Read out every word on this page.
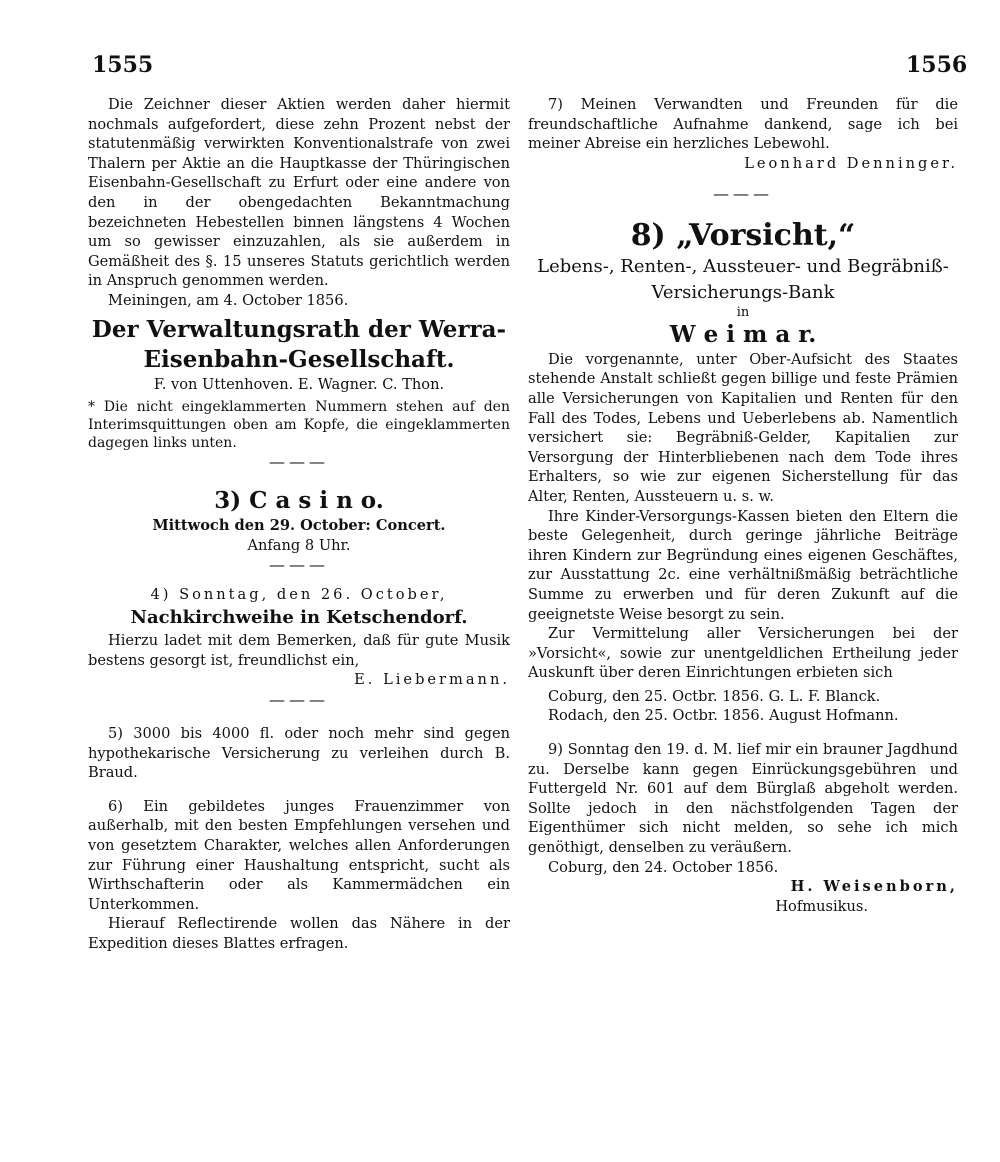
1555	1556

Die Zeichner dieser Aktien werden daher hiermit nochmals aufgefordert, diese zehn Prozent nebst der statutenmäßig verwirkten Konventionalstrafe von zwei Thalern per Aktie an die Hauptkasse der Thüringischen Eisenbahn-Gesellschaft zu Erfurt oder eine andere von den in der obengedachten Bekanntmachung bezeichneten Hebestellen binnen längstens 4 Wochen um so gewisser einzuzahlen, als sie außerdem in Gemäßheit des §. 15 unseres Statuts gerichtlich werden in Anspruch genommen werden.

Meiningen, am 4. October 1856.

Der Verwaltungsrath der Werra-Eisenbahn-Gesellschaft.

F. von Uttenhoven. E. Wagner. C. Thon.

* Die nicht eingeklammerten Nummern stehen auf den Interimsquittungen oben am Kopfe, die eingeklammerten dagegen links unten.

———

3) C a s i n o.

Mittwoch den 29. October: Concert.

Anfang 8 Uhr.

———

4) Sonntag, den 26. October,

Nachkirchweihe in Ketschendorf.

Hierzu ladet mit dem Bemerken, daß für gute Musik bestens gesorgt ist, freundlichst ein,

E. Liebermann.

———

5) 3000 bis 4000 fl. oder noch mehr sind gegen hypothekarische Versicherung zu verleihen durch B. Braud.

6) Ein gebildetes junges Frauenzimmer von außerhalb, mit den besten Empfehlungen versehen und von gesetztem Charakter, welches allen Anforderungen zur Führung einer Haushaltung entspricht, sucht als Wirthschafterin oder als Kammermädchen ein Unterkommen.

Hierauf Reflectirende wollen das Nähere in der Expedition dieses Blattes erfragen.

7) Meinen Verwandten und Freunden für die freundschaftliche Aufnahme dankend, sage ich bei meiner Abreise ein herzliches Lebewohl.

Leonhard Denninger.

———

8) „Vorsicht,“

Lebens-, Renten-, Aussteuer- und Begräbniß-Versicherungs-Bank

in

W e i m a r.

Die vorgenannte, unter Ober-Aufsicht des Staates stehende Anstalt schließt gegen billige und feste Prämien alle Versicherungen von Kapitalien und Renten für den Fall des Todes, Lebens und Ueberlebens ab. Namentlich versichert sie: Begräbniß-Gelder, Kapitalien zur Versorgung der Hinterbliebenen nach dem Tode ihres Erhalters, so wie zur eigenen Sicherstellung für das Alter, Renten, Aussteuern u. s. w.

Ihre Kinder-Versorgungs-Kassen bieten den Eltern die beste Gelegenheit, durch geringe jährliche Beiträge ihren Kindern zur Begründung eines eigenen Geschäftes, zur Ausstattung 2c. eine verhältnißmäßig beträchtliche Summe zu erwerben und für deren Zukunft auf die geeignetste Weise besorgt zu sein.

Zur Vermittelung aller Versicherungen bei der »Vorsicht«, sowie zur unentgeldlichen Ertheilung jeder Auskunft über deren Einrichtungen erbieten sich

Coburg, den 25. Octbr. 1856. G. L. F. Blanck.

Rodach, den 25. Octbr. 1856. August Hofmann.

9) Sonntag den 19. d. M. lief mir ein brauner Jagdhund zu. Derselbe kann gegen Einrückungsgebühren und Futtergeld Nr. 601 auf dem Bürglaß abgeholt werden. Sollte jedoch in den nächstfolgenden Tagen der Eigenthümer sich nicht melden, so sehe ich mich genöthigt, denselben zu veräußern.

Coburg, den 24. October 1856.

H. Weisenborn,

Hofmusikus.
